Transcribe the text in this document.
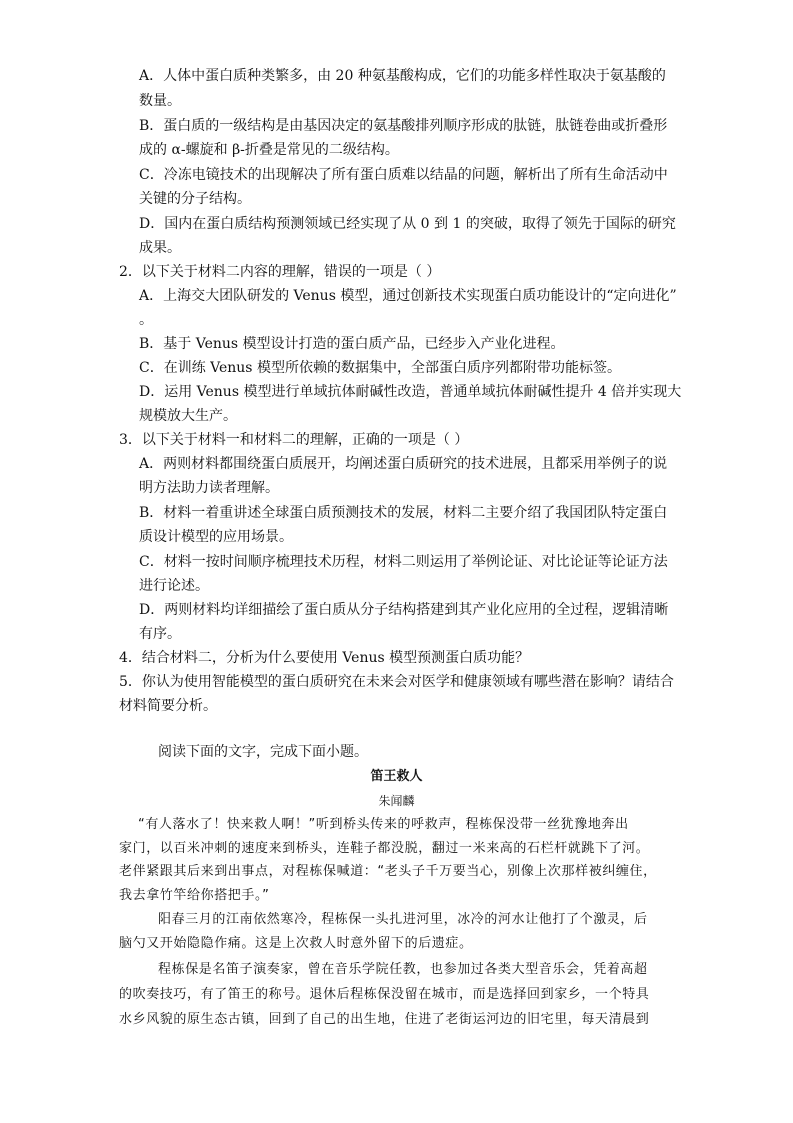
A．人体中蛋白质种类繁多，由 20 种氨基酸构成，它们的功能多样性取决于氨基酸的
数量。
B．蛋白质的一级结构是由基因决定的氨基酸排列顺序形成的肽链，肽链卷曲或折叠形
成的 α-螺旋和 β-折叠是常见的二级结构。
C．冷冻电镜技术的出现解决了所有蛋白质难以结晶的问题，解析出了所有生命活动中
关键的分子结构。
D．国内在蛋白质结构预测领域已经实现了从 0 到 1 的突破，取得了领先于国际的研究
成果。
2．以下关于材料二内容的理解，错误的一项是（ ）
A．上海交大团队研发的 Venus 模型，通过创新技术实现蛋白质功能设计的“定向进化”
。
B．基于 Venus 模型设计打造的蛋白质产品，已经步入产业化进程。
C．在训练 Venus 模型所依赖的数据集中，全部蛋白质序列都附带功能标签。
D．运用 Venus 模型进行单域抗体耐碱性改造，普通单域抗体耐碱性提升 4 倍并实现大
规模放大生产。
3．以下关于材料一和材料二的理解，正确的一项是（ ）
A．两则材料都围绕蛋白质展开，均阐述蛋白质研究的技术进展，且都采用举例子的说
明方法助力读者理解。
B．材料一着重讲述全球蛋白质预测技术的发展，材料二主要介绍了我国团队特定蛋白
质设计模型的应用场景。
C．材料一按时间顺序梳理技术历程，材料二则运用了举例论证、对比论证等论证方法
进行论述。
D．两则材料均详细描绘了蛋白质从分子结构搭建到其产业化应用的全过程，逻辑清晰
有序。
4．结合材料二，分析为什么要使用 Venus 模型预测蛋白质功能？
5．你认为使用智能模型的蛋白质研究在未来会对医学和健康领域有哪些潜在影响？请结合
材料简要分析。
阅读下面的文字，完成下面小题。
笛王救人
朱闻麟
“有人落水了！快来救人啊！”听到桥头传来的呼救声，程栋保没带一丝犹豫地奔出
家门，以百米冲刺的速度来到桥头，连鞋子都没脱，翻过一米来高的石栏杆就跳下了河。
老伴紧跟其后来到出事点，对程栋保喊道：“老头子千万要当心，别像上次那样被纠缠住，
我去拿竹竿给你搭把手。”
阳春三月的江南依然寒冷，程栋保一头扎进河里，冰冷的河水让他打了个激灵，后
脑勺又开始隐隐作痛。这是上次救人时意外留下的后遗症。
程栋保是名笛子演奏家，曾在音乐学院任教，也参加过各类大型音乐会，凭着高超
的吹奏技巧，有了笛王的称号。退休后程栋保没留在城市，而是选择回到家乡，一个特具
水乡风貌的原生态古镇，回到了自己的出生地，住进了老街运河边的旧宅里，每天清晨到
